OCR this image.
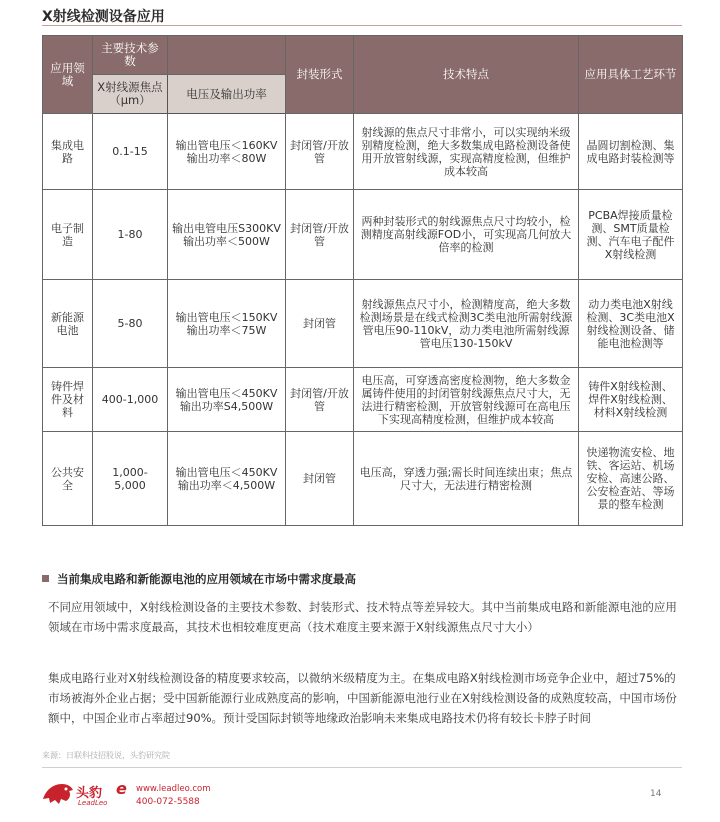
X射线检测设备应用
应用领域	主要技术参数		封装形式	技术特点	应用具体工艺环节
	X射线源焦点（μm）	电压及输出功率			
集成电路	0.1-15	输出管电压＜160KV 输出功率＜80W	封闭管/开放管	射线源的焦点尺寸非常小，可以实现纳米级别精度检测，绝大多数集成电路检测设备使用开放管射线源，实现高精度检测，但维护成本较高	晶圆切割检测、集成电路封装检测等
电子制造	1-80	输出电管电压S300KV 输出功率＜500W	封闭管/开放管	两种封装形式的射线源焦点尺寸均较小，检测精度高射线源FOD小，可实现高几何放大倍率的检测	PCBA焊接质量检测、SMT质量检测、汽车电子配件X射线检测
新能源电池	5-80	输出管电压＜150KV 输出功率＜75W	封闭管	射线源焦点尺寸小，检测精度高，绝大多数检测场景是在线式检测3C类电池所需射线源管电压90-110kV，动力类电池所需射线源管电压130-150kV	动力类电池X射线检测、3C类电池X射线检测设备、储能电池检测等
铸件焊件及材料	400-1,000	输出管电压＜450KV 输出功率S4,500W	封闭管/开放管	电压高，可穿透高密度检测物，绝大多数金属铸件使用的封闭管射线源焦点尺寸大，无法进行精密检测，开放管射线源可在高电压下实现高精度检测，但维护成本较高	铸件X射线检测、焊件X射线检测、材料X射线检测
公共安全	1,000-5,000	输出管电压＜450KV 输出功率＜4,500W	封闭管	电压高，穿透力强;需长时间连续出束；焦点尺寸大，无法进行精密检测	快递物流安检、地铁、客运站、机场安检、高速公路、公安检查站、等场景的整车检测
当前集成电路和新能源电池的应用领域在市场中需求度最高
不同应用领域中，X射线检测设备的主要技术参数、封装形式、技术特点等差异较大。其中当前集成电路和新能源电池的应用领域在市场中需求度最高，其技术也相较难度更高（技术难度主要来源于X射线源焦点尺寸大小）
集成电路行业对X射线检测设备的精度要求较高，以微纳米级精度为主。在集成电路X射线检测市场竞争企业中，超过75%的市场被海外企业占据；受中国新能源行业成熟度高的影响，中国新能源电池行业在X射线检测设备的成熟度较高，中国市场份额中，中国企业市占率超过90%。预计受国际封锁等地缘政治影响未来集成电路技术仍将有较长卡脖子时间
来源：日联科技招股说，头豹研究院
头豹
LeadLeo
e www.leadleo.com
400-072-5588
14
